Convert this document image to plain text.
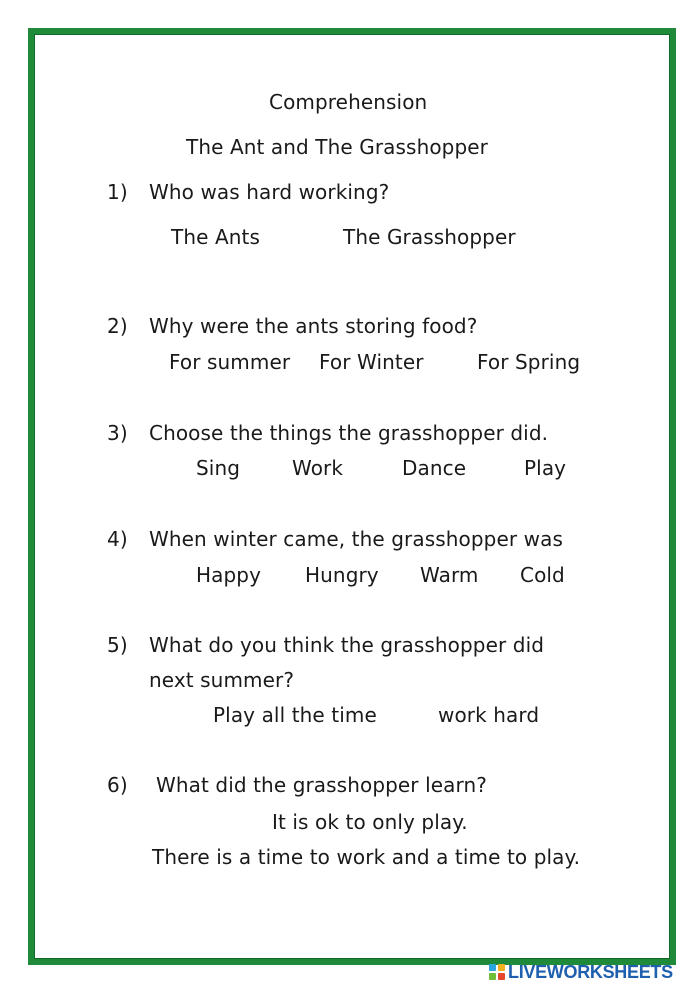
Comprehension
The Ant and The Grasshopper
1) Who was hard working?
The Ants	The Grasshopper
2) Why were the ants storing food?
For summer For Winter	For Spring
3) Choose the things the grasshopper did.
Sing	Work	Dance	Play
4) When winter came, the grasshopper was
Happy Hungry Warm Cold
5) What do you think the grasshopper did
next summer?
Play all the time	work hard
6) What did the grasshopper learn?
It is ok to only play.
There is a time to work and a time to play.
LIVEWORKSHEETS
